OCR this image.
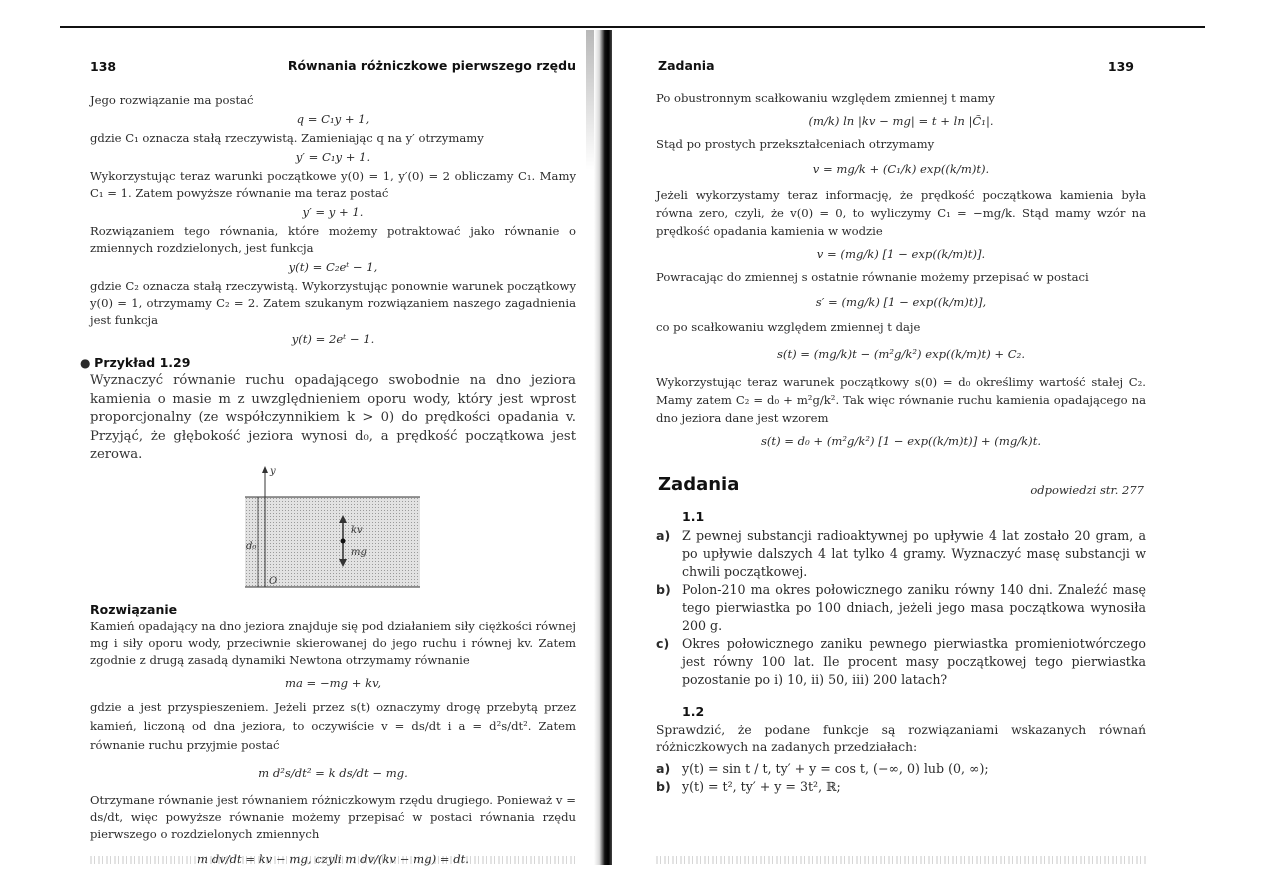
138	Równania różniczkowe pierwszego rzędu

Jego rozwiązanie ma postać

q = C₁y + 1,

gdzie C₁ oznacza stałą rzeczywistą. Zamieniając q na y′ otrzymamy

y′ = C₁y + 1.

Wykorzystując teraz warunki początkowe y(0) = 1, y′(0) = 2 obliczamy C₁. Mamy C₁ = 1. Zatem powyższe równanie ma teraz postać

y′ = y + 1.

Rozwiązaniem tego równania, które możemy potraktować jako równanie o zmiennych rozdzielonych, jest funkcja

y(t) = C₂eᵗ − 1,

gdzie C₂ oznacza stałą rzeczywistą. Wykorzystując ponownie warunek początkowy y(0) = 1, otrzymamy C₂ = 2. Zatem szukanym rozwiązaniem naszego zagadnienia jest funkcja

y(t) = 2eᵗ − 1.
● Przykład 1.29

Wyznaczyć równanie ruchu opadającego swobodnie na dno jeziora kamienia o masie m z uwzględnieniem oporu wody, który jest wprost proporcjonalny (ze współczynnikiem k > 0) do prędkości opadania v. Przyjąć, że głębokość jeziora wynosi d₀, a prędkość początkowa jest zerowa.

y
d₀
O
kv
mg
Rozwiązanie

Kamień opadający na dno jeziora znajduje się pod działaniem siły ciężkości równej mg i siły oporu wody, przeciwnie skierowanej do jego ruchu i równej kv. Zatem zgodnie z drugą zasadą dynamiki Newtona otrzymamy równanie

ma = −mg + kv,

gdzie a jest przyspieszeniem. Jeżeli przez s(t) oznaczymy drogę przebytą przez kamień, liczoną od dna jeziora, to oczywiście v = ds/dt i a = d²s/dt². Zatem równanie ruchu przyjmie postać

m d²s/dt² = k ds/dt − mg.

Otrzymane równanie jest równaniem różniczkowym rzędu drugiego. Ponieważ v = ds/dt, więc powyższe równanie możemy przepisać w postaci równania rzędu pierwszego o rozdzielonych zmiennych

m dv/dt = kv − mg, czyli m dv/(kv − mg) = dt.
Zadania	139

Po obustronnym scałkowaniu względem zmiennej t mamy

(m/k) ln |kv − mg| = t + ln |C̃₁|.

Stąd po prostych przekształceniach otrzymamy

v = mg/k + (C₁/k) exp((k/m)t).

Jeżeli wykorzystamy teraz informację, że prędkość początkowa kamienia była równa zero, czyli, że v(0) = 0, to wyliczymy C₁ = −mg/k. Stąd mamy wzór na prędkość opadania kamienia w wodzie

v = (mg/k) [1 − exp((k/m)t)].

Powracając do zmiennej s ostatnie równanie możemy przepisać w postaci

s′ = (mg/k) [1 − exp((k/m)t)],

co po scałkowaniu względem zmiennej t daje

s(t) = (mg/k)t − (m²g/k²) exp((k/m)t) + C₂.

Wykorzystując teraz warunek początkowy s(0) = d₀ określimy wartość stałej C₂. Mamy zatem C₂ = d₀ + m²g/k². Tak więc równanie ruchu kamienia opadającego na dno jeziora dane jest wzorem

s(t) = d₀ + (m²g/k²) [1 − exp((k/m)t)] + (mg/k)t.
Zadania	odpowiedzi str. 277
1.1
a) Z pewnej substancji radioaktywnej po upływie 4 lat zostało 20 gram, a po upływie dalszych 4 lat tylko 4 gramy. Wyznaczyć masę substancji w chwili początkowej.
b) Polon-210 ma okres połowicznego zaniku równy 140 dni. Znaleźć masę tego pierwiastka po 100 dniach, jeżeli jego masa początkowa wynosiła 200 g.
c) Okres połowicznego zaniku pewnego pierwiastka promieniotwórczego jest równy 100 lat. Ile procent masy początkowej tego pierwiastka pozostanie po i) 10, ii) 50, iii) 200 latach?
1.2

Sprawdzić, że podane funkcje są rozwiązaniami wskazanych równań różniczkowych na zadanych przedziałach:

a) y(t) = sin t / t, ty′ + y = cos t, (−∞, 0) lub (0, ∞);
b) y(t) = t², ty′ + y = 3t², ℝ;
